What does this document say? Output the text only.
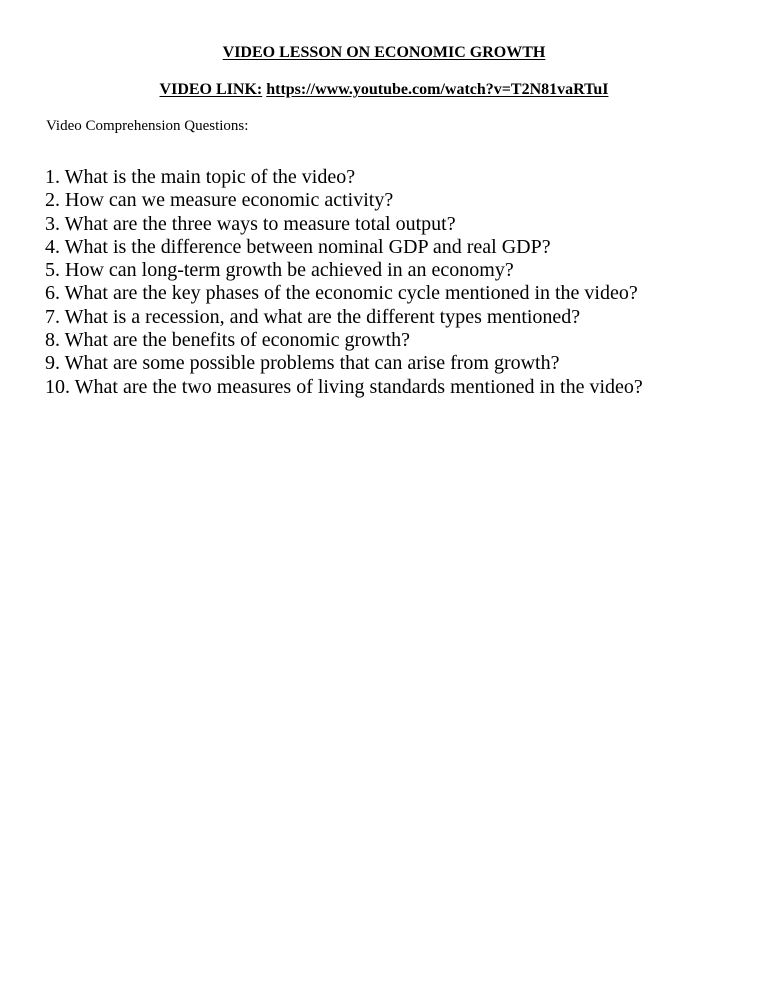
VIDEO LESSON ON ECONOMIC GROWTH
VIDEO LINK: https://www.youtube.com/watch?v=T2N81vaRTuI
Video Comprehension Questions:
1. What is the main topic of the video?
2. How can we measure economic activity?
3. What are the three ways to measure total output?
4. What is the difference between nominal GDP and real GDP?
5. How can long-term growth be achieved in an economy?
6. What are the key phases of the economic cycle mentioned in the video?
7. What is a recession, and what are the different types mentioned?
8. What are the benefits of economic growth?
9. What are some possible problems that can arise from growth?
10. What are the two measures of living standards mentioned in the video?
